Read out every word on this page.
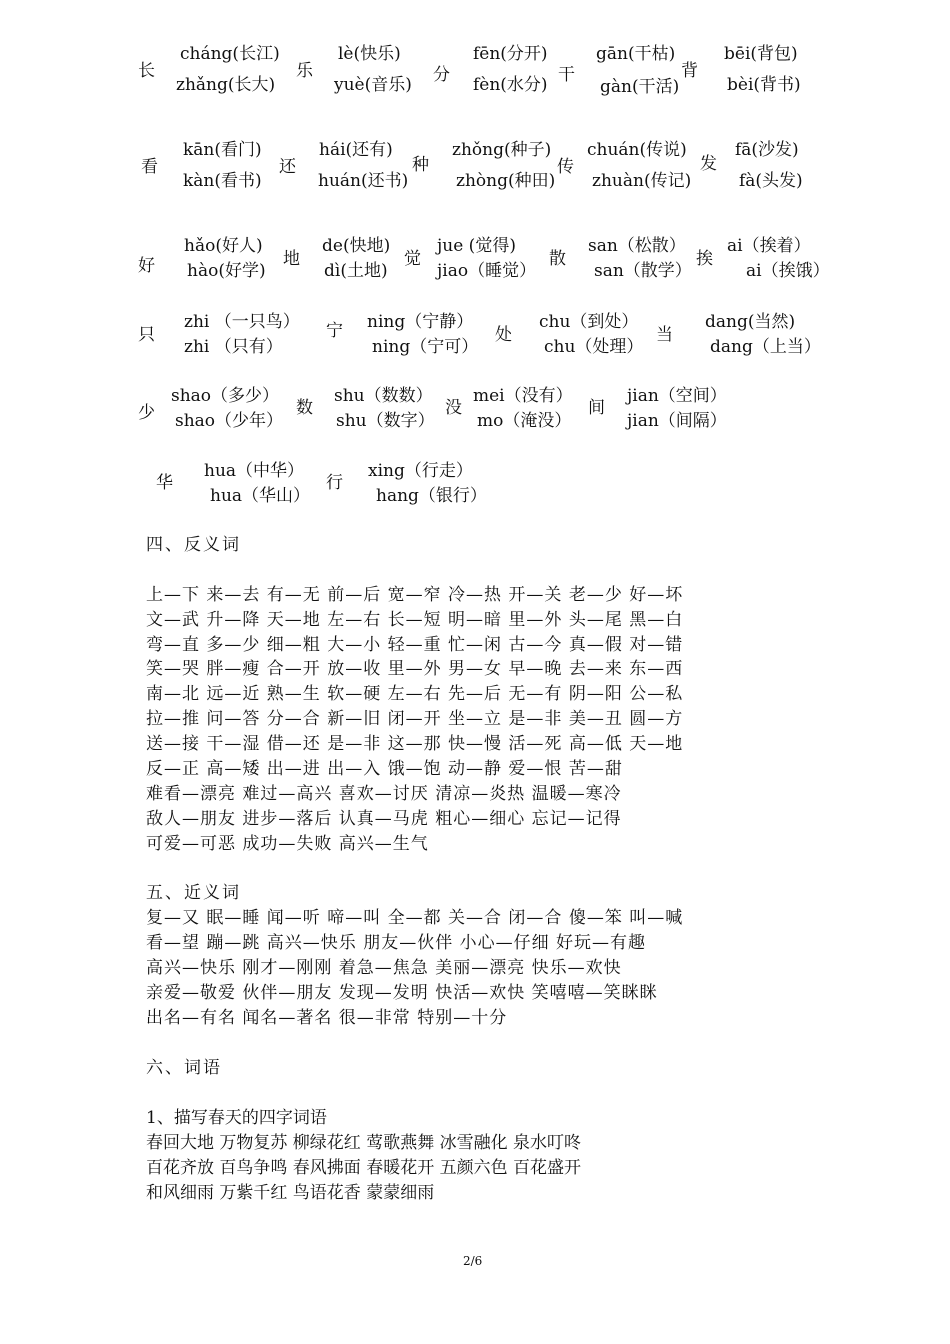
长
cháng(长江)
zhǎng(长大)
乐
lè(快乐)
yuè(音乐) 分
fēn(分开)
fèn(水分) 干
gān(干枯)
gàn(干活)
背
bēi(背包)
bèi(背书)
看
kān(看门)
kàn(看书)
还
hái(还有)
huán(还书)
种
zhǒng(种子)
zhòng(种田)
传
chuán(传说)
zhuàn(传记)
发
fā(沙发)
fà(头发)
好
hǎo(好人)
hào(好学)
地
de(快地)
dì(土地)
觉
jue (觉得)
jiao（睡觉）
散
san（松散）
san（散学）
挨
ai（挨着）
ai（挨饿）
只
zhi （一只鸟）
zhi （只有）
宁 ning（宁静）
ning（宁可）
处
chu（到处）
chu（处理）
当
dang(当然)
dang（上当）
少
shao（多少）
shao（少年）
数
shu（数数）
shu（数字）
没
mei（没有）
mo（淹没）
间
jian（空间）
jian（间隔）
华
hua（中华）
hua（华山）
行
xing（行走）
hang（银行）
四、反义词
上—下 来—去 有—无 前—后 宽—窄 冷—热 开—关 老—少 好—坏
文—武 升—降 天—地 左—右 长—短 明—暗 里—外 头—尾 黑—白
弯—直 多—少 细—粗 大—小 轻—重 忙—闲 古—今 真—假 对—错
笑—哭 胖—瘦 合—开 放—收 里—外 男—女 早—晚 去—来 东—西
南—北 远—近 熟—生 软—硬 左—右 先—后 无—有 阴—阳 公—私
拉—推 问—答 分—合 新—旧 闭—开 坐—立 是—非 美—丑 圆—方
送—接 干—湿 借—还 是—非 这—那 快—慢 活—死 高—低 天—地
反—正 高—矮 出—进 出—入 饿—饱 动—静 爱—恨 苦—甜
难看—漂亮 难过—高兴 喜欢—讨厌 清凉—炎热 温暖—寒冷
敌人—朋友 进步—落后 认真—马虎 粗心—细心 忘记—记得
可爱—可恶 成功—失败 高兴—生气
五、近义词
复—又 眠—睡 闻—听 啼—叫 全—都 关—合 闭—合 傻—笨 叫—喊
看—望 蹦—跳 高兴—快乐 朋友—伙伴 小心—仔细 好玩—有趣
高兴—快乐 刚才—刚刚 着急—焦急 美丽—漂亮 快乐—欢快
亲爱—敬爱 伙伴—朋友 发现—发明 快活—欢快 笑嘻嘻—笑眯眯
出名—有名 闻名—著名 很—非常 特别—十分
六、词语
1、描写春天的四字词语
春回大地 万物复苏 柳绿花红 莺歌燕舞 冰雪融化 泉水叮咚
百花齐放 百鸟争鸣 春风拂面 春暖花开 五颜六色 百花盛开
和风细雨 万紫千红 鸟语花香 蒙蒙细雨
2/6
